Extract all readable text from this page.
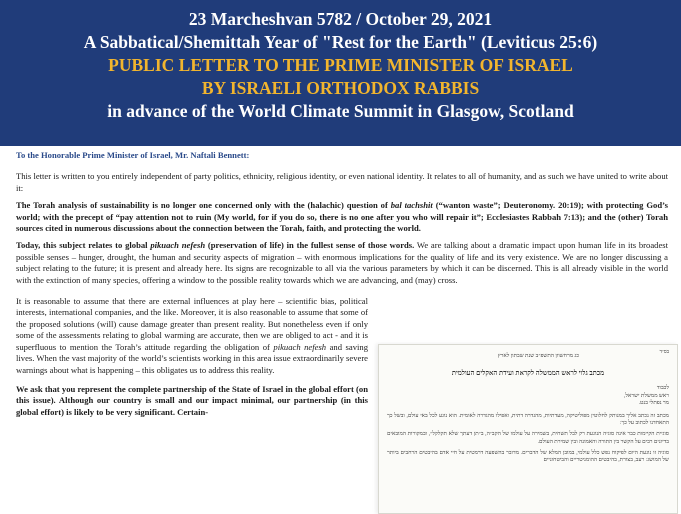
23 Marcheshvan 5782 / October 29, 2021
A Sabbatical/Shemittah Year of "Rest for the Earth" (Leviticus 25:6)
PUBLIC LETTER TO THE PRIME MINISTER OF ISRAEL
BY ISRAELI ORTHODOX RABBIS
in advance of the World Climate Summit in Glasgow, Scotland

To the Honorable Prime Minister of Israel, Mr. Naftali Bennett:

This letter is written to you entirely independent of party politics, ethnicity, religious identity, or even national identity. It relates to all of humanity, and as such we have united to write about it:

The Torah analysis of sustainability is no longer one concerned only with the (halachic) question of bal tachshit (“wanton waste”; Deuteronomy. 20:19); with protecting God’s world; with the precept of “pay attention not to ruin (My world, for if you do so, there is no one after you who will repair it”; Ecclesiastes Rabbah 7:13); and the (other) Torah sources cited in numerous discussions about the connection between the Torah, faith, and protecting the world.

Today, this subject relates to global pikuach nefesh (preservation of life) in the fullest sense of those words. We are talking about a dramatic impact upon human life in its broadest possible senses – hunger, drought, the human and security aspects of migration – with enormous implications for the quality of life and its very existence. We are no longer discussing a subject relating to the future; it is present and already here. Its signs are recognizable to all via the various parameters by which it can be discerned. This is all already visible in the world with the extinction of many species, offering a window to the possible reality towards which we are advancing, and (may) cross.

It is reasonable to assume that there are external influences at play here – scientific bias, political interests, international companies, and the like. Moreover, it is also reasonable to assume that some of the proposed solutions (will) cause damage greater than present reality. But nonetheless even if only some of the assessments relating to global warming are accurate, then we are obliged to act - and it is superfluous to mention the Torah’s attitude regarding the obligation of pikuach nefesh and saving lives. When the vast majority of the world’s scientists working in this area issue extraordinarily severe warnings about what is happening – this obligates us to address this reality.

We ask that you represent the complete partnership of the State of Israel in the global effort (on this issue). Although our country is small and our impact minimal, our partnership (in this global effort) is likely to be very significant. Certain-

בס״ד
כג מרחשוון התשפ״ב שנת שבתון לארץ
מכתב גלוי לראש הממשלה לקראת ועידת האקלים העולמית
לכבוד
ראש ממשלת ישראל,
מר נפתלי בנט.

מכתב זה נכתב אליך במנותק לחלוטין מפוליטיקה, מעדתיות, מהגדרה דתית, ואפילו מהגדרה לאומית. הוא נוגע לכל באי עולם, ובשל כך התאחדנו לכתוב על כך:

סוגיית הקיימות כבר אינה סוגיה הנוגעת רק לבל תשחית, בשמירה על עולמו של הקב״ה, ב״תן דעתך שלא תקלקל״, ובמקורות המובאים בדיונים רבים על הקשר בין התורה והאמונה ובין שמירת העולם.

סוגיה זו נוגעת היום לפיקוח נפש כלל עולמי, במובן המלא של הדברים. מדובר בהשפעה דרמטית על חיי אדם בהיבטים הרחבים ביותר של המושג: רעב, בצורת, בהיבטים ההומניטריים והביטחוניים
